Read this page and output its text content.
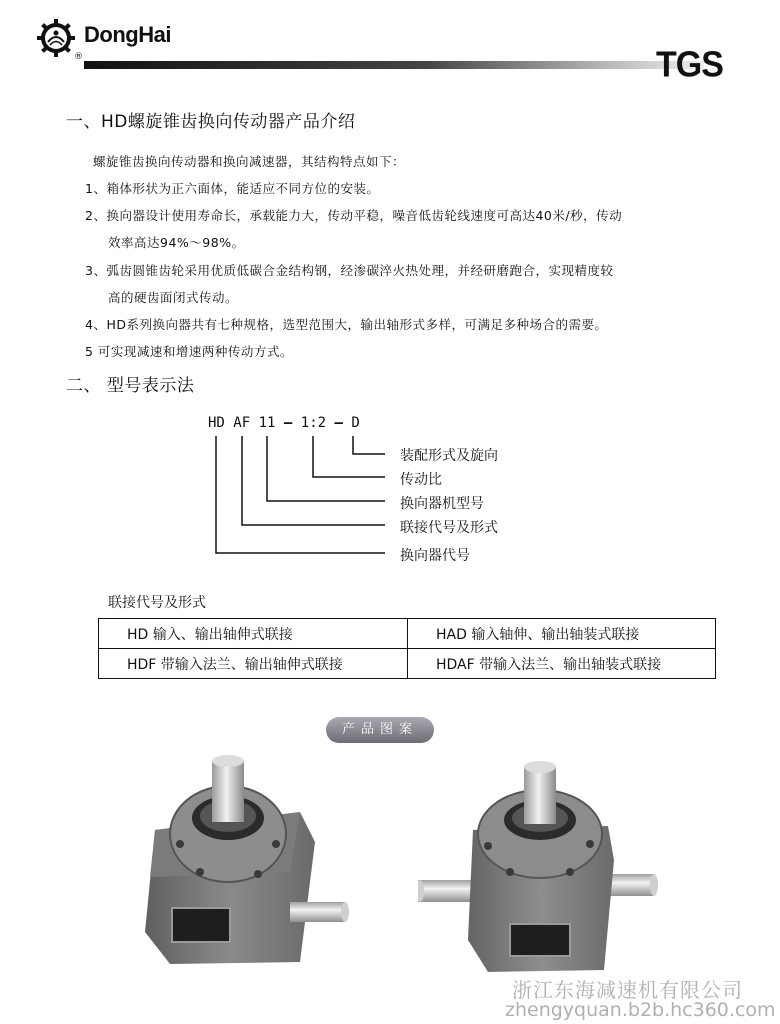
DongHai
®	TGS
一、HD螺旋锥齿换向传动器产品介绍
螺旋锥齿换向传动器和换向减速器，其结构特点如下：
1、箱体形状为正六面体，能适应不同方位的安装。
2、换向器设计使用寿命长，承载能力大，传动平稳，噪音低齿轮线速度可高达40米/秒，传动
效率高达94%～98%。
3、弧齿圆锥齿轮采用优质低碳合金结构钢，经渗碳淬火热处理，并经研磨跑合，实现精度较
高的硬齿面闭式传动。
4、HD系列换向器共有七种规格，选型范围大，输出轴形式多样，可满足多种场合的需要。
5 可实现减速和增速两种传动方式。
二、 型号表示法
HD AF 11 – 1:2 – D
装配形式及旋向
传动比
换向器机型号
联接代号及形式
换向器代号
联接代号及形式
HD 输入、输出轴伸式联接	HAD 输入轴伸、输出轴装式联接
HDF 带输入法兰、输出轴伸式联接	HDAF 带输入法兰、输出轴装式联接
产品图案
浙江东海减速机有限公司
zhengyquan.b2b.hc360.com
